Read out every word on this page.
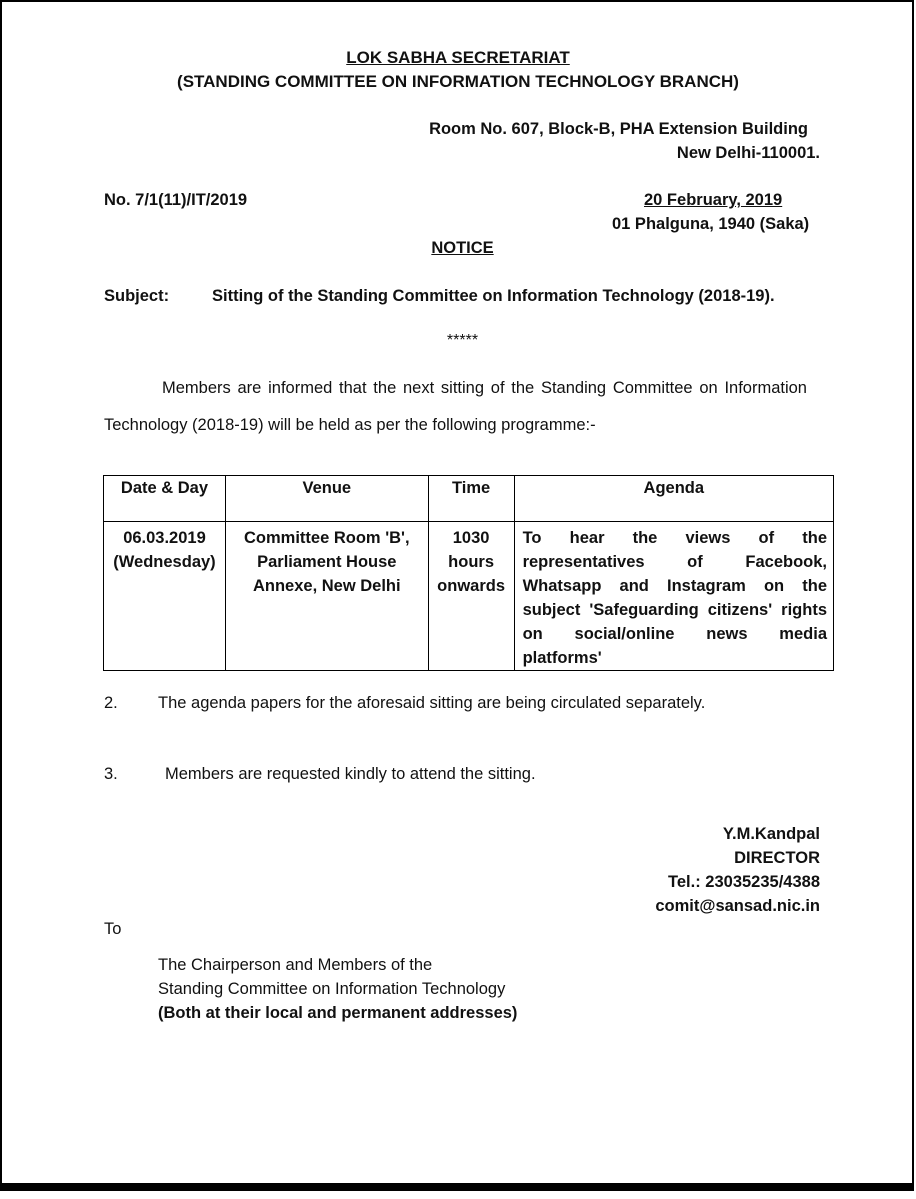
LOK SABHA SECRETARIAT
(STANDING COMMITTEE ON INFORMATION TECHNOLOGY BRANCH)
Room No. 607, Block-B, PHA Extension Building
New Delhi-110001.
No. 7/1(11)/IT/2019	20 February, 2019
01 Phalguna, 1940 (Saka)
NOTICE
Subject:	Sitting of the Standing Committee on Information Technology (2018-19).
*****
Members are informed that the next sitting of the Standing Committee on Information Technology (2018-19) will be held as per the following programme:-
Date & Day	Venue	Time	Agenda

06.03.2019
(Wednesday)	Committee Room 'B', Parliament House Annexe, New Delhi	1030 hours onwards	To hear the views of the representatives of Facebook, Whatsapp and Instagram on the subject 'Safeguarding citizens' rights on social/online news media platforms'
2. The agenda papers for the aforesaid sitting are being circulated separately.
3.	Members are requested kindly to attend the sitting.
Y.M.Kandpal
DIRECTOR
Tel.: 23035235/4388
comit@sansad.nic.in
To
The Chairperson and Members of the
Standing Committee on Information Technology
(Both at their local and permanent addresses)
